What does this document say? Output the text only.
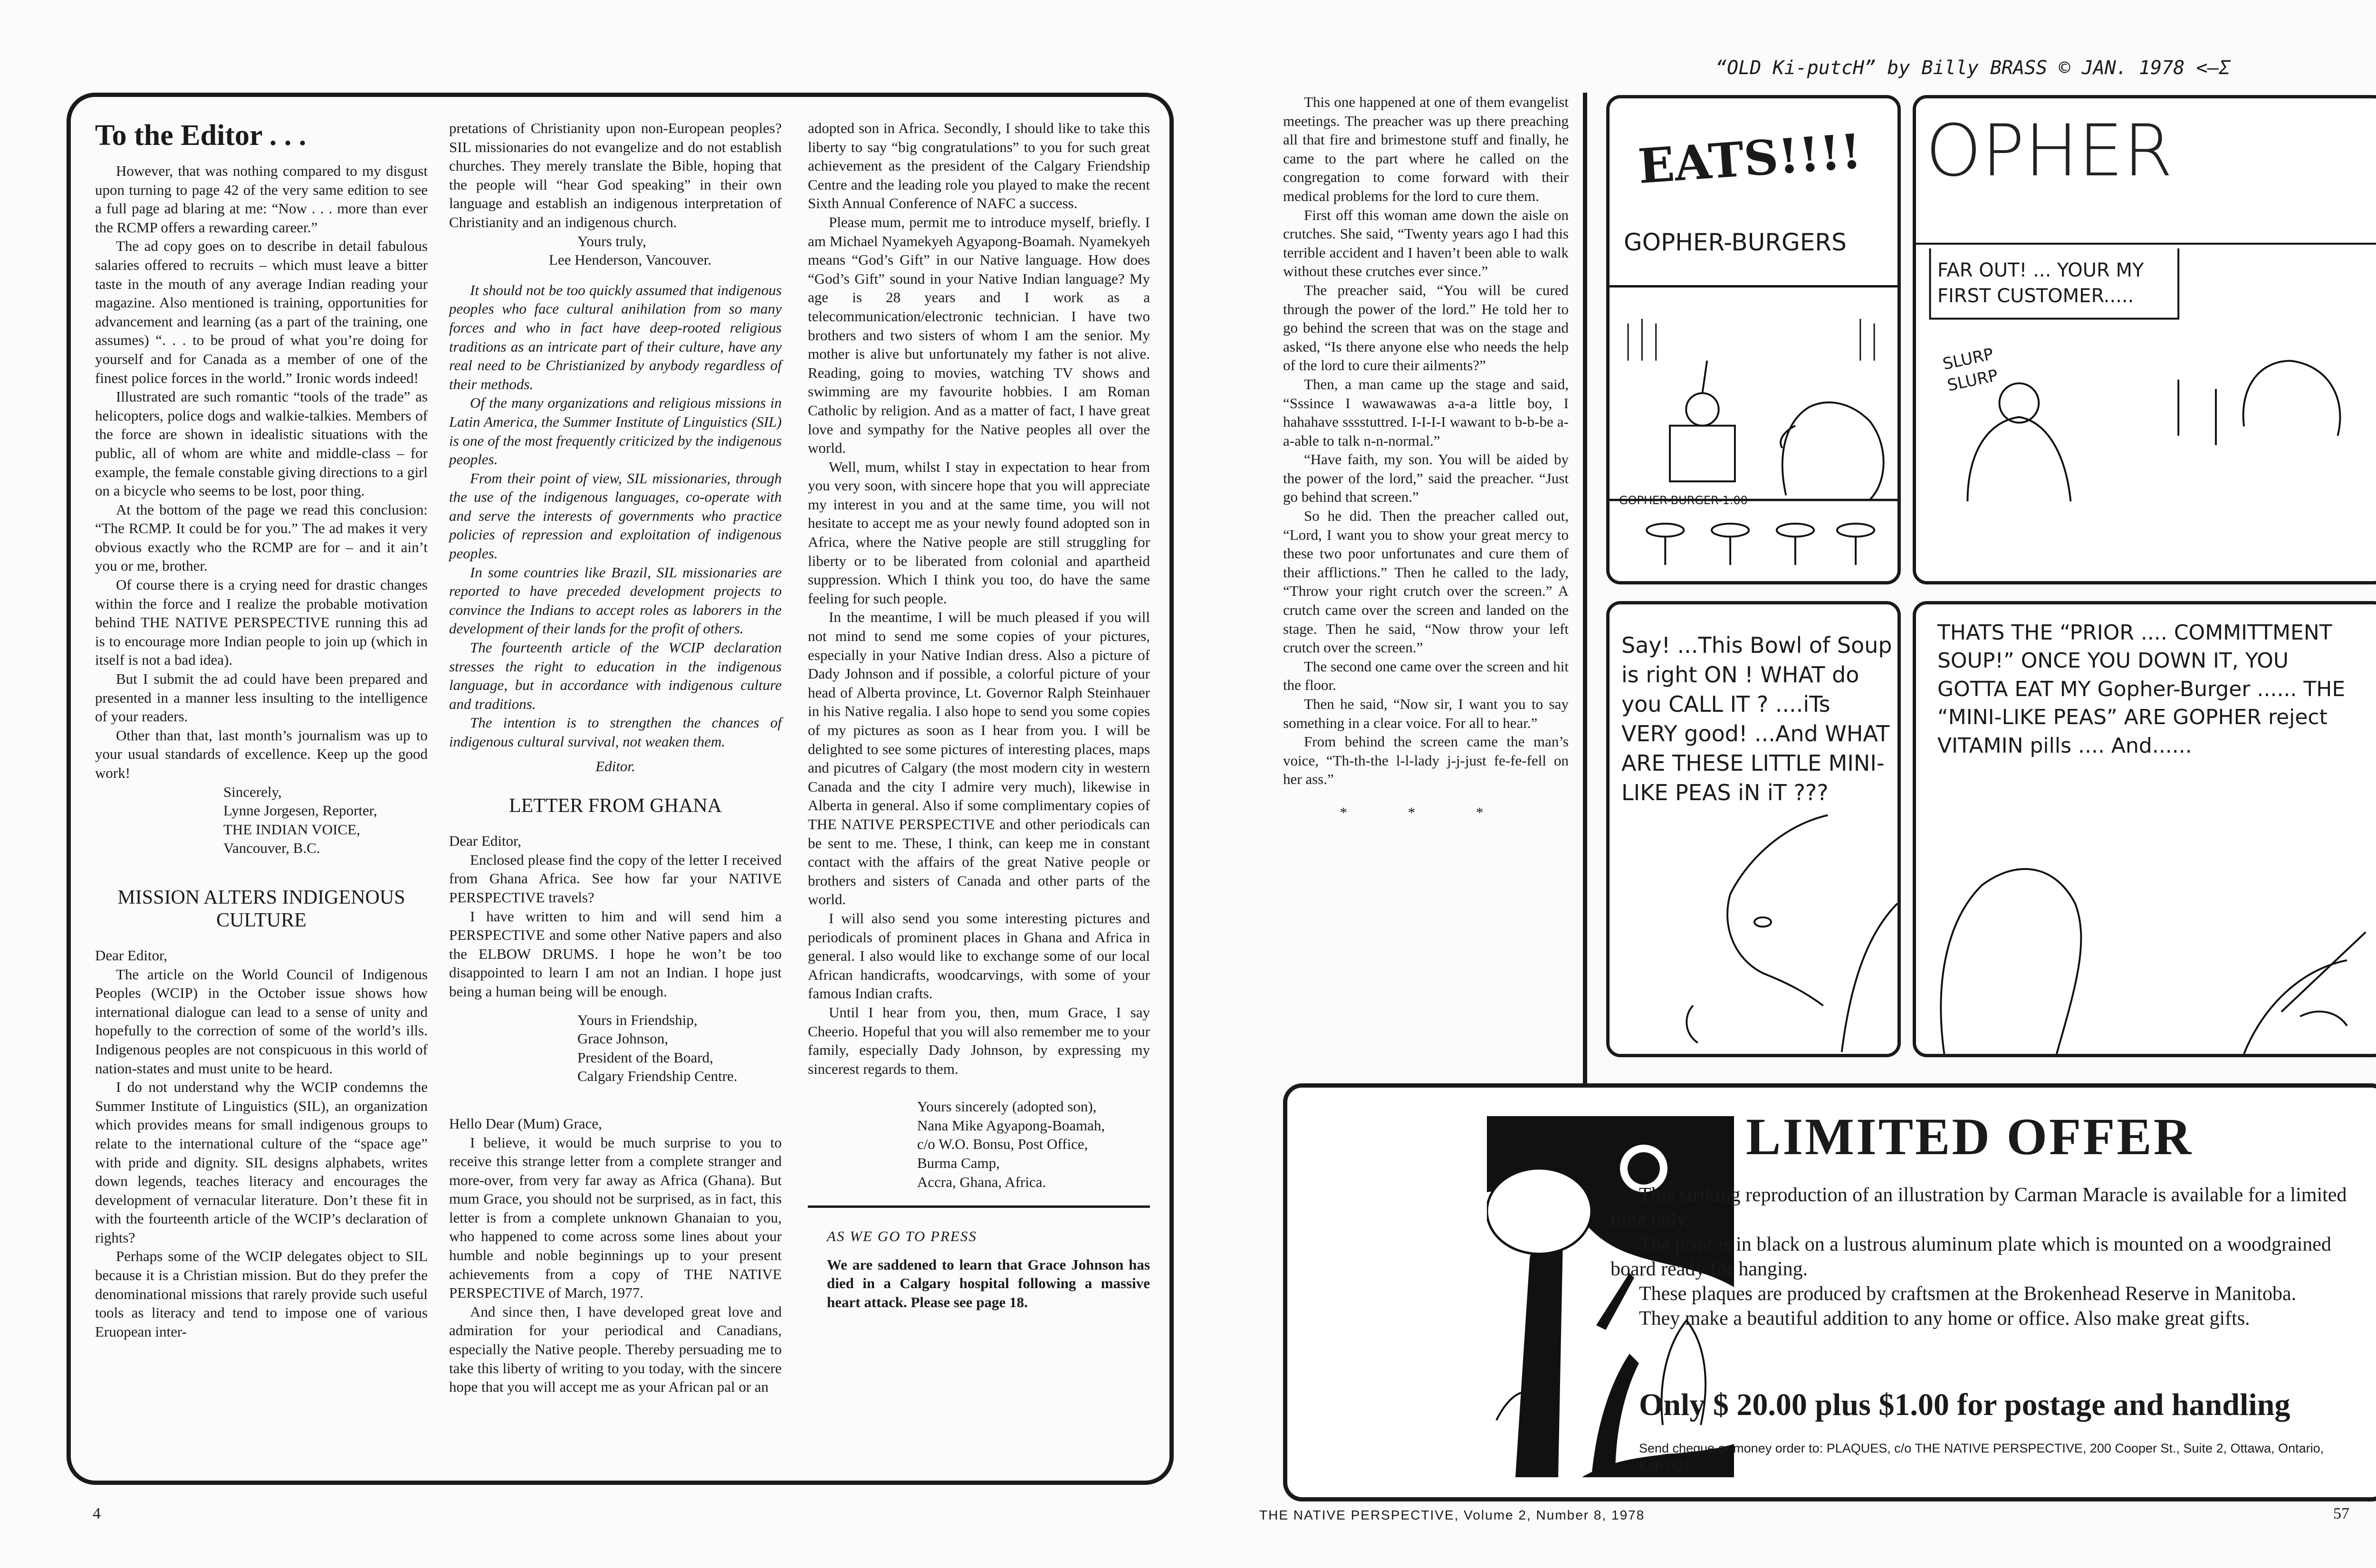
To the Editor . . .

However, that was nothing compared to my disgust upon turning to page 42 of the very same edition to see a full page ad blaring at me: “Now . . . more than ever the RCMP offers a rewarding career.”

The ad copy goes on to describe in detail fabulous salaries offered to recruits – which must leave a bitter taste in the mouth of any average Indian reading your magazine. Also mentioned is training, opportunities for advancement and learning (as a part of the training, one assumes) “. . . to be proud of what you’re doing for yourself and for Canada as a member of one of the finest police forces in the world.” Ironic words indeed!

Illustrated are such romantic “tools of the trade” as helicopters, police dogs and walkie-talkies. Members of the force are shown in idealistic situations with the public, all of whom are white and middle-class – for example, the female constable giving directions to a girl on a bicycle who seems to be lost, poor thing.

At the bottom of the page we read this conclusion: “The RCMP. It could be for you.” The ad makes it very obvious exactly who the RCMP are for – and it ain’t you or me, brother.

Of course there is a crying need for drastic changes within the force and I realize the probable motivation behind THE NATIVE PERSPECTIVE running this ad is to encourage more Indian people to join up (which in itself is not a bad idea).

But I submit the ad could have been prepared and presented in a manner less insulting to the intelligence of your readers.

Other than that, last month’s journalism was up to your usual standards of excellence. Keep up the good work!

Sincerely,
Lynne Jorgesen, Reporter,
THE INDIAN VOICE,
Vancouver, B.C.
MISSION ALTERS INDIGENOUS CULTURE

Dear Editor,

The article on the World Council of Indigenous Peoples (WCIP) in the October issue shows how international dialogue can lead to a sense of unity and hopefully to the correction of some of the world’s ills. Indigenous peoples are not conspicuous in this world of nation-states and must unite to be heard.

I do not understand why the WCIP condemns the Summer Institute of Linguistics (SIL), an organization which provides means for small indigenous groups to relate to the international culture of the “space age” with pride and dignity. SIL designs alphabets, writes down legends, teaches literacy and encourages the development of vernacular literature. Don’t these fit in with the fourteenth article of the WCIP’s declaration of rights?

Perhaps some of the WCIP delegates object to SIL because it is a Christian mission. But do they prefer the denominational missions that rarely provide such useful tools as literacy and tend to impose one of various Eruopean inter-

pretations of Christianity upon non-European peoples? SIL missionaries do not evangelize and do not establish churches. They merely translate the Bible, hoping that the people will “hear God speaking” in their own language and establish an indigenous interpretation of Christianity and an indigenous church.

Yours truly,
Lee Henderson, Vancouver.

It should not be too quickly assumed that indigenous peoples who face cultural anihilation from so many forces and who in fact have deep-rooted religious traditions as an intricate part of their culture, have any real need to be Christianized by anybody regardless of their methods.

Of the many organizations and religious missions in Latin America, the Summer Institute of Linguistics (SIL) is one of the most frequently criticized by the indigenous peoples.

From their point of view, SIL missionaries, through the use of the indigenous languages, co-operate with and serve the interests of governments who practice policies of repression and exploitation of indigenous peoples.

In some countries like Brazil, SIL missionaries are reported to have preceded development projects to convince the Indians to accept roles as laborers in the development of their lands for the profit of others.

The fourteenth article of the WCIP declaration stresses the right to education in the indigenous language, but in accordance with indigenous culture and traditions.

The intention is to strengthen the chances of indigenous cultural survival, not weaken them.

Editor.
LETTER FROM GHANA

Dear Editor,

Enclosed please find the copy of the letter I received from Ghana Africa. See how far your NATIVE PERSPECTIVE travels?

I have written to him and will send him a PERSPECTIVE and some other Native papers and also the ELBOW DRUMS. I hope he won’t be too disappointed to learn I am not an Indian. I hope just being a human being will be enough.

Yours in Friendship,
Grace Johnson,
President of the Board,
Calgary Friendship Centre.

Hello Dear (Mum) Grace,

I believe, it would be much surprise to you to receive this strange letter from a complete stranger and more-over, from very far away as Africa (Ghana). But mum Grace, you should not be surprised, as in fact, this letter is from a complete unknown Ghanaian to you, who happened to come across some lines about your humble and noble beginnings up to your present achievements from a copy of THE NATIVE PERSPECTIVE of March, 1977.

And since then, I have developed great love and admiration for your periodical and Canadians, especially the Native people. Thereby persuading me to take this liberty of writing to you today, with the sincere hope that you will accept me as your African pal or an

adopted son in Africa. Secondly, I should like to take this liberty to say “big congratulations” to you for such great achievement as the president of the Calgary Friendship Centre and the leading role you played to make the recent Sixth Annual Conference of NAFC a success.

Please mum, permit me to introduce myself, briefly. I am Michael Nyamekyeh Agyapong-Boamah. Nyamekyeh means “God’s Gift” in our Native language. How does “God’s Gift” sound in your Native Indian language? My age is 28 years and I work as a telecommunication/electronic technician. I have two brothers and two sisters of whom I am the senior. My mother is alive but unfortunately my father is not alive. Reading, going to movies, watching TV shows and swimming are my favourite hobbies. I am Roman Catholic by religion. And as a matter of fact, I have great love and sympathy for the Native peoples all over the world.

Well, mum, whilst I stay in expectation to hear from you very soon, with sincere hope that you will appreciate my interest in you and at the same time, you will not hesitate to accept me as your newly found adopted son in Africa, where the Native people are still struggling for liberty or to be liberated from colonial and apartheid suppression. Which I think you too, do have the same feeling for such people.

In the meantime, I will be much pleased if you will not mind to send me some copies of your pictures, especially in your Native Indian dress. Also a picture of Dady Johnson and if possible, a colorful picture of your head of Alberta province, Lt. Governor Ralph Steinhauer in his Native regalia. I also hope to send you some copies of my pictures as soon as I hear from you. I will be delighted to see some pictures of interesting places, maps and picutres of Calgary (the most modern city in western Canada and the city I admire very much), likewise in Alberta in general. Also if some complimentary copies of THE NATIVE PERSPECTIVE and other periodicals can be sent to me. These, I think, can keep me in constant contact with the affairs of the great Native people or brothers and sisters of Canada and other parts of the world.

I will also send you some interesting pictures and periodicals of prominent places in Ghana and Africa in general. I also would like to exchange some of our local African handicrafts, woodcarvings, with some of your famous Indian crafts.

Until I hear from you, then, mum Grace, I say Cheerio. Hopeful that you will also remember me to your family, especially Dady Johnson, by expressing my sincerest regards to them.

Yours sincerely (adopted son),
Nana Mike Agyapong-Boamah,
c/o W.O. Bonsu, Post Office,
Burma Camp,
Accra, Ghana, Africa.
AS WE GO TO PRESS
We are saddened to learn that Grace Johnson has died in a Calgary hospital following a massive heart attack. Please see page 18.
4

This one happened at one of them evangelist meetings. The preacher was up there preaching all that fire and brimestone stuff and finally, he came to the part where he called on the congregation to come forward with their medical problems for the lord to cure them.

First off this woman ame down the aisle on crutches. She said, “Twenty years ago I had this terrible accident and I haven’t been able to walk without these crutches ever since.”

The preacher said, “You will be cured through the power of the lord.” He told her to go behind the screen that was on the stage and asked, “Is there anyone else who needs the help of the lord to cure their ailments?”

Then, a man came up the stage and said, “Sssince I wawawawas a-a-a little boy, I hahahave sssstuttred. I-I-I-I wawant to b-b-be a-a-able to talk n-n-normal.”

“Have faith, my son. You will be aided by the power of the lord,” said the preacher. “Just go behind that screen.”

So he did. Then the preacher called out, “Lord, I want you to show your great mercy to these two poor unfortunates and cure them of their afflictions.” Then he called to the lady, “Throw your right crutch over the screen.” A crutch came over the screen and landed on the stage. Then he said, “Now throw your left crutch over the screen.”

The second one came over the screen and hit the floor.

Then he said, “Now sir, I want you to say something in a clear voice. For all to hear.”

From behind the screen came the man’s voice, “Th-th-the l-l-lady j-j-just fe-fe-fell on her ass.”

* * *
“OLD Ki-putcH” by Billy BRASS © JAN. 1978 <—Σ
EATS!!!!
GOPHER-BURGERS
GOPHER-BURGER-1.00
OPHER
FAR OUT! ... YOUR MY FIRST CUSTOMER.....
SLURP SLURP
Say! ...This Bowl of Soup is right ON ! WHAT do you CALL IT ? ....iTs VERY good! ...And WHAT ARE THESE LITTLE MINI-LIKE PEAS iN iT ???
THATS THE “PRIOR .... COMMITTMENT SOUP!” ONCE YOU DOWN IT, YOU GOTTA EAT MY Gopher-Burger ...... THE “MINI-LIKE PEAS” ARE GOPHER reject VITAMIN pills .... And......
LIMITED OFFER

This striking reproduction of an illustration by Carman Maracle is available for a limited time only.

The print is in black on a lustrous aluminum plate which is mounted on a woodgrained board ready for hanging.

These plaques are produced by craftsmen at the Brokenhead Reserve in Manitoba.

They make a beautiful addition to any home or office. Also make great gifts.

Only $ 20.00 plus $1.00 for postage and handling
Send cheque or money order to: PLAQUES, c/o THE NATIVE PERSPECTIVE, 200 Cooper St., Suite 2, Ottawa, Ontario, K2P 0G1.
THE NATIVE PERSPECTIVE, Volume 2, Number 8, 1978	57
